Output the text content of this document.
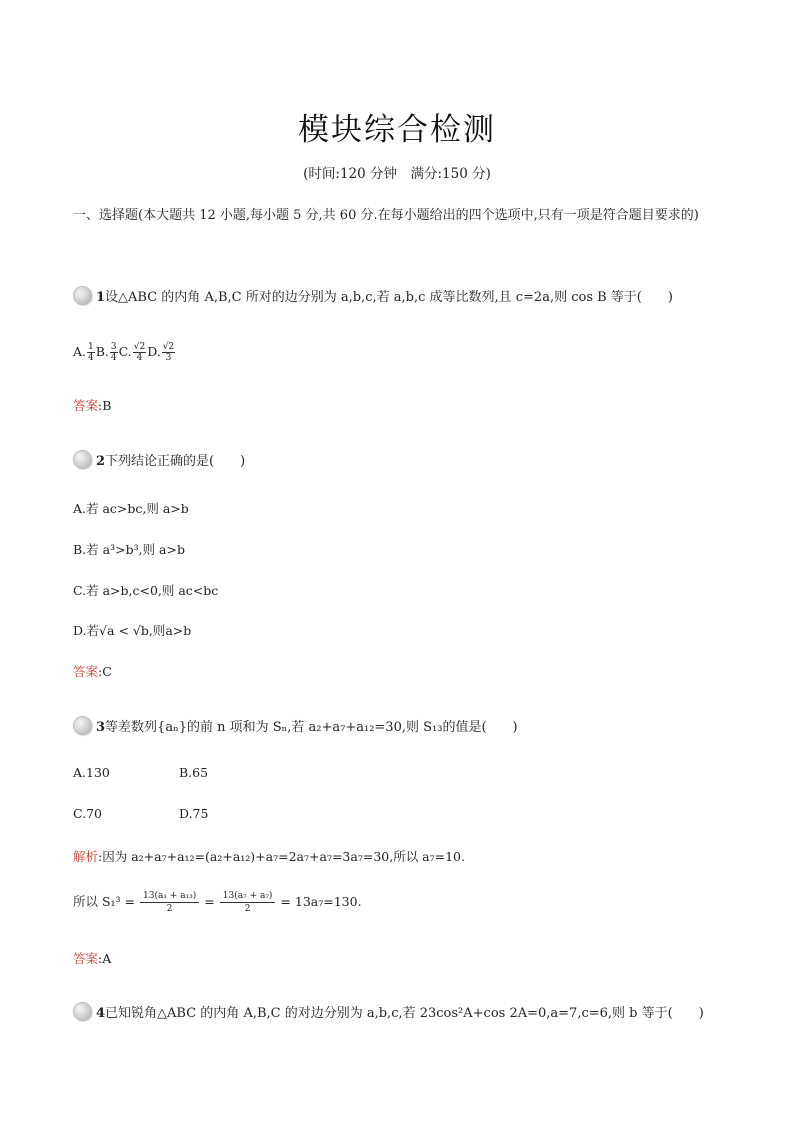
模块综合检测
(时间:120 分钟　满分:150 分)
一、选择题(本大题共 12 小题,每小题 5 分,共 60 分.在每小题给出的四个选项中,只有一项是符合题目要求的)
1设△ABC 的内角 A,B,C 所对的边分别为 a,b,c,若 a,b,c 成等比数列,且 c=2a,则 cos B 等于(　　)
A. $\frac{1}{4} B$. $\frac{3}{4} C$. $\frac{√2}{4} D$. $\frac{√2}{3}$
答案:B
2下列结论正确的是(　　)
A.若 ac>bc,则 a>b
B.若 a³>b³,则 a>b
C.若 a>b,c<0,则 ac<bc
D.若√a < √b,则a>b
答案:C
3等差数列{aₙ}的前 n 项和为 Sₙ,若 a₂+a₇+a₁₂=30,则 S₁₃的值是(　　)
A.130	B.65
C.70	D.75
解析:因为 a₂+a₇+a₁₂=(a₂+a₁₂)+a₇=2a₇+a₇=3a₇=30,所以 a₇=10.
所以 $S_1^3 = \frac{\text{13(a₁ + a₁₃)}}{2} = \frac{\text{13(a₇ + a₇)}}{2} = 13a_7=130$.
答案:A
4已知锐角△ABC 的内角 A,B,C 的对边分别为 a,b,c,若 23cos²A+cos 2A=0,a=7,c=6,则 b 等于(　　)
